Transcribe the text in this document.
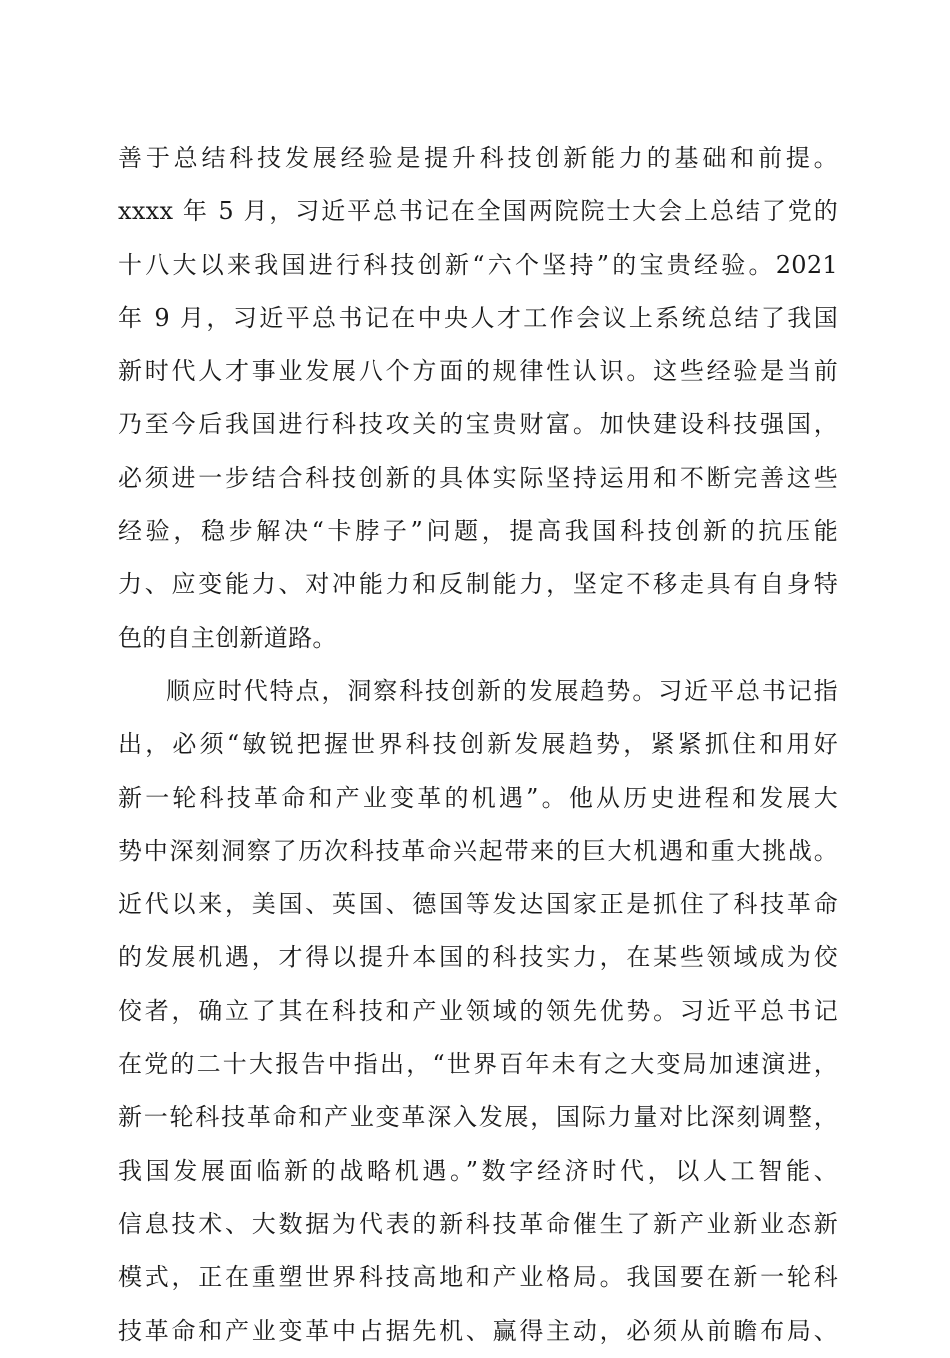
善于总结科技发展经验是提升科技创新能力的基础和前提。
xxxx 年 5 月，习近平总书记在全国两院院士大会上总结了党的
十八大以来我国进行科技创新“六个坚持”的宝贵经验。2021
年 9 月，习近平总书记在中央人才工作会议上系统总结了我国
新时代人才事业发展八个方面的规律性认识。这些经验是当前
乃至今后我国进行科技攻关的宝贵财富。加快建设科技强国，
必须进一步结合科技创新的具体实际坚持运用和不断完善这些
经验，稳步解决“卡脖子”问题，提高我国科技创新的抗压能
力、应变能力、对冲能力和反制能力，坚定不移走具有自身特
色的自主创新道路。
顺应时代特点，洞察科技创新的发展趋势。习近平总书记指
出，必须“敏锐把握世界科技创新发展趋势，紧紧抓住和用好
新一轮科技革命和产业变革的机遇”。他从历史进程和发展大
势中深刻洞察了历次科技革命兴起带来的巨大机遇和重大挑战。
近代以来，美国、英国、德国等发达国家正是抓住了科技革命
的发展机遇，才得以提升本国的科技实力，在某些领域成为佼
佼者，确立了其在科技和产业领域的领先优势。习近平总书记
在党的二十大报告中指出，“世界百年未有之大变局加速演进，
新一轮科技革命和产业变革深入发展，国际力量对比深刻调整，
我国发展面临新的战略机遇。”数字经济时代，以人工智能、
信息技术、大数据为代表的新科技革命催生了新产业新业态新
模式，正在重塑世界科技高地和产业格局。我国要在新一轮科
技革命和产业变革中占据先机、赢得主动，必须从前瞻布局、
